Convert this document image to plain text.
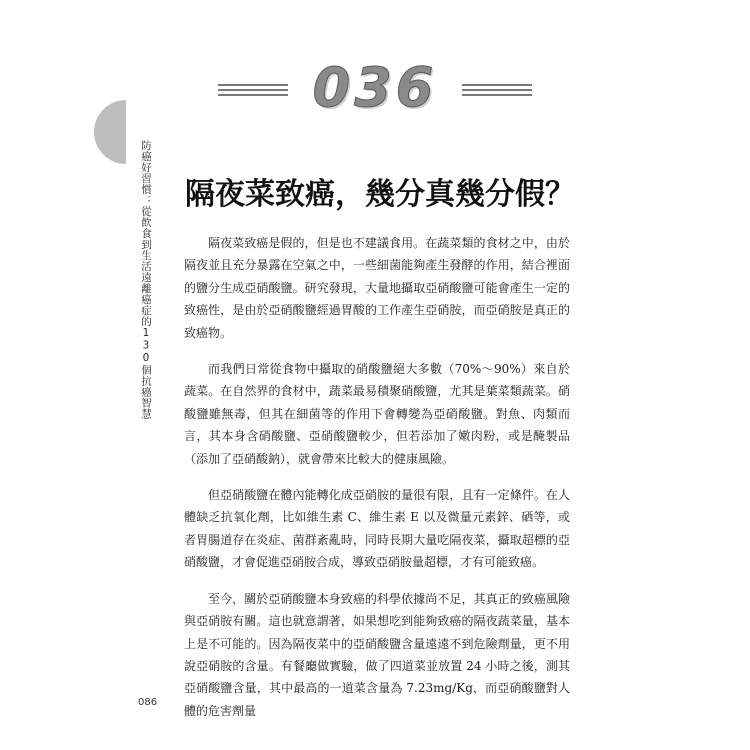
防癌好習慣：從飲食到生活遠離癌症的130個抗癌智慧
036
隔夜菜致癌，幾分真幾分假？

隔夜菜致癌是假的，但是也不建議食用。在蔬菜類的食材之中，由於隔夜並且充分暴露在空氣之中，一些細菌能夠產生發酵的作用，結合裡面的鹽分生成亞硝酸鹽。研究發現，大量地攝取亞硝酸鹽可能會產生一定的致癌性，是由於亞硝酸鹽經過胃酸的工作產生亞硝胺，而亞硝胺是真正的致癌物。

而我們日常從食物中攝取的硝酸鹽絕大多數（70%～90%）來自於蔬菜。在自然界的食材中，蔬菜最易積聚硝酸鹽，尤其是葉菜類蔬菜。硝酸鹽雖無毒，但其在細菌等的作用下會轉變為亞硝酸鹽。對魚、肉類而言，其本身含硝酸鹽、亞硝酸鹽較少，但若添加了嫩肉粉，或是醃製品（添加了亞硝酸鈉），就會帶來比較大的健康風險。

但亞硝酸鹽在體內能轉化成亞硝胺的量很有限，且有一定條件。在人體缺乏抗氧化劑，比如維生素 C、維生素 E 以及微量元素鋅、硒等，或者胃腸道存在炎症、菌群紊亂時，同時長期大量吃隔夜菜，攝取超標的亞硝酸鹽，才會促進亞硝胺合成，導致亞硝胺量超標，才有可能致癌。

至今，關於亞硝酸鹽本身致癌的科學依據尚不足，其真正的致癌風險與亞硝胺有關。這也就意謂著，如果想吃到能夠致癌的隔夜蔬菜量，基本上是不可能的。因為隔夜菜中的亞硝酸鹽含量遠遠不到危險劑量，更不用說亞硝胺的含量。有餐廳做實驗，做了四道菜並放置 24 小時之後，測其亞硝酸鹽含量，其中最高的一道菜含量為 7.23mg/Kg，而亞硝酸鹽對人體的危害劑量

086
